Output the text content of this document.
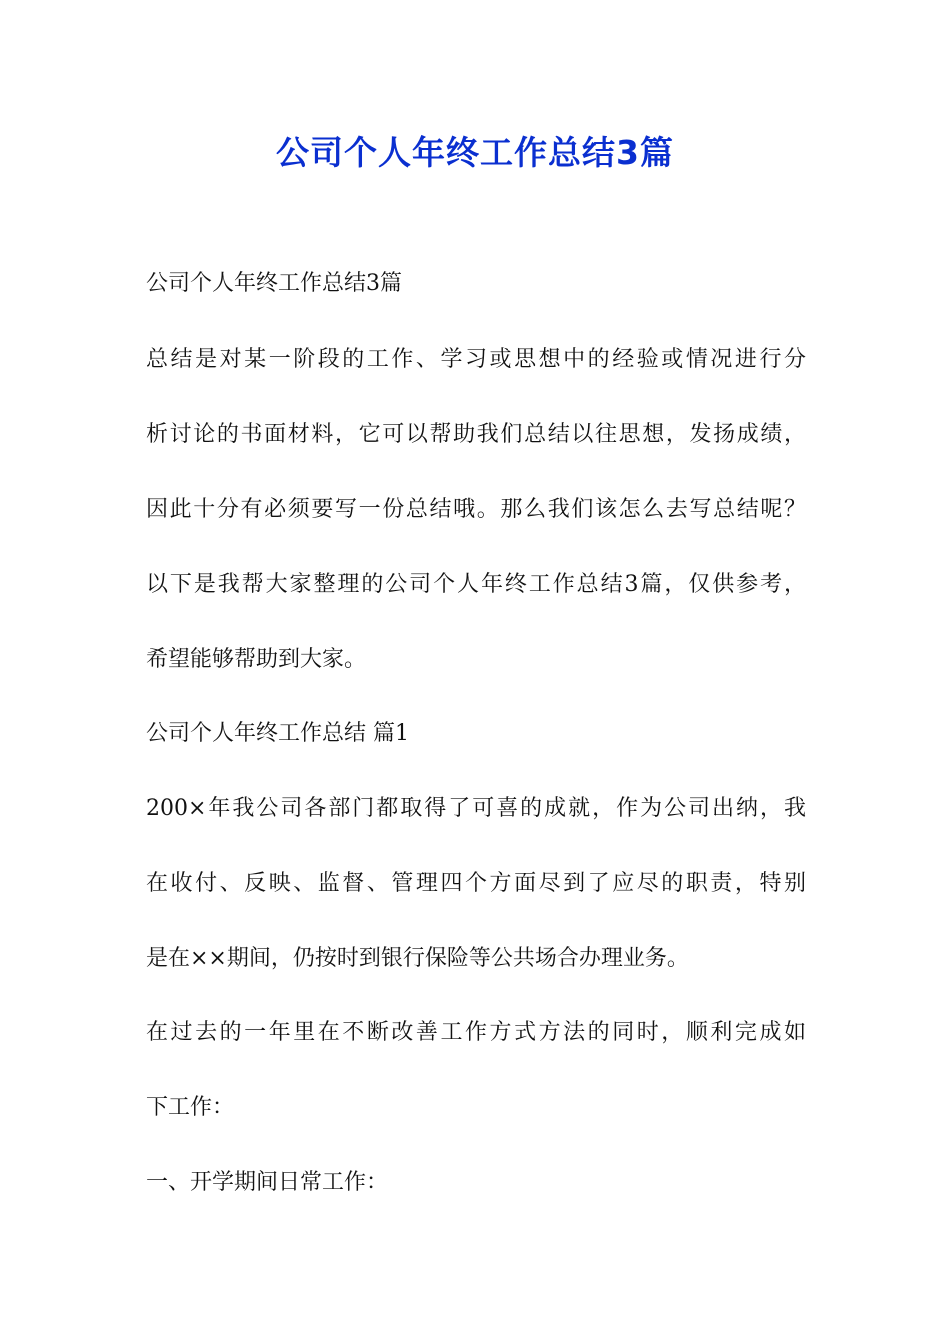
公司个人年终工作总结3篇
公司个人年终工作总结3篇
总结是对某一阶段的工作、学习或思想中的经验或情况进行分
析讨论的书面材料，它可以帮助我们总结以往思想，发扬成绩，
因此十分有必须要写一份总结哦。那么我们该怎么去写总结呢？
以下是我帮大家整理的公司个人年终工作总结3篇，仅供参考，
希望能够帮助到大家。
公司个人年终工作总结 篇1
200×年我公司各部门都取得了可喜的成就，作为公司出纳，我
在收付、反映、监督、管理四个方面尽到了应尽的职责，特别
是在××期间，仍按时到银行保险等公共场合办理业务。
在过去的一年里在不断改善工作方式方法的同时，顺利完成如
下工作：
一、开学期间日常工作：
